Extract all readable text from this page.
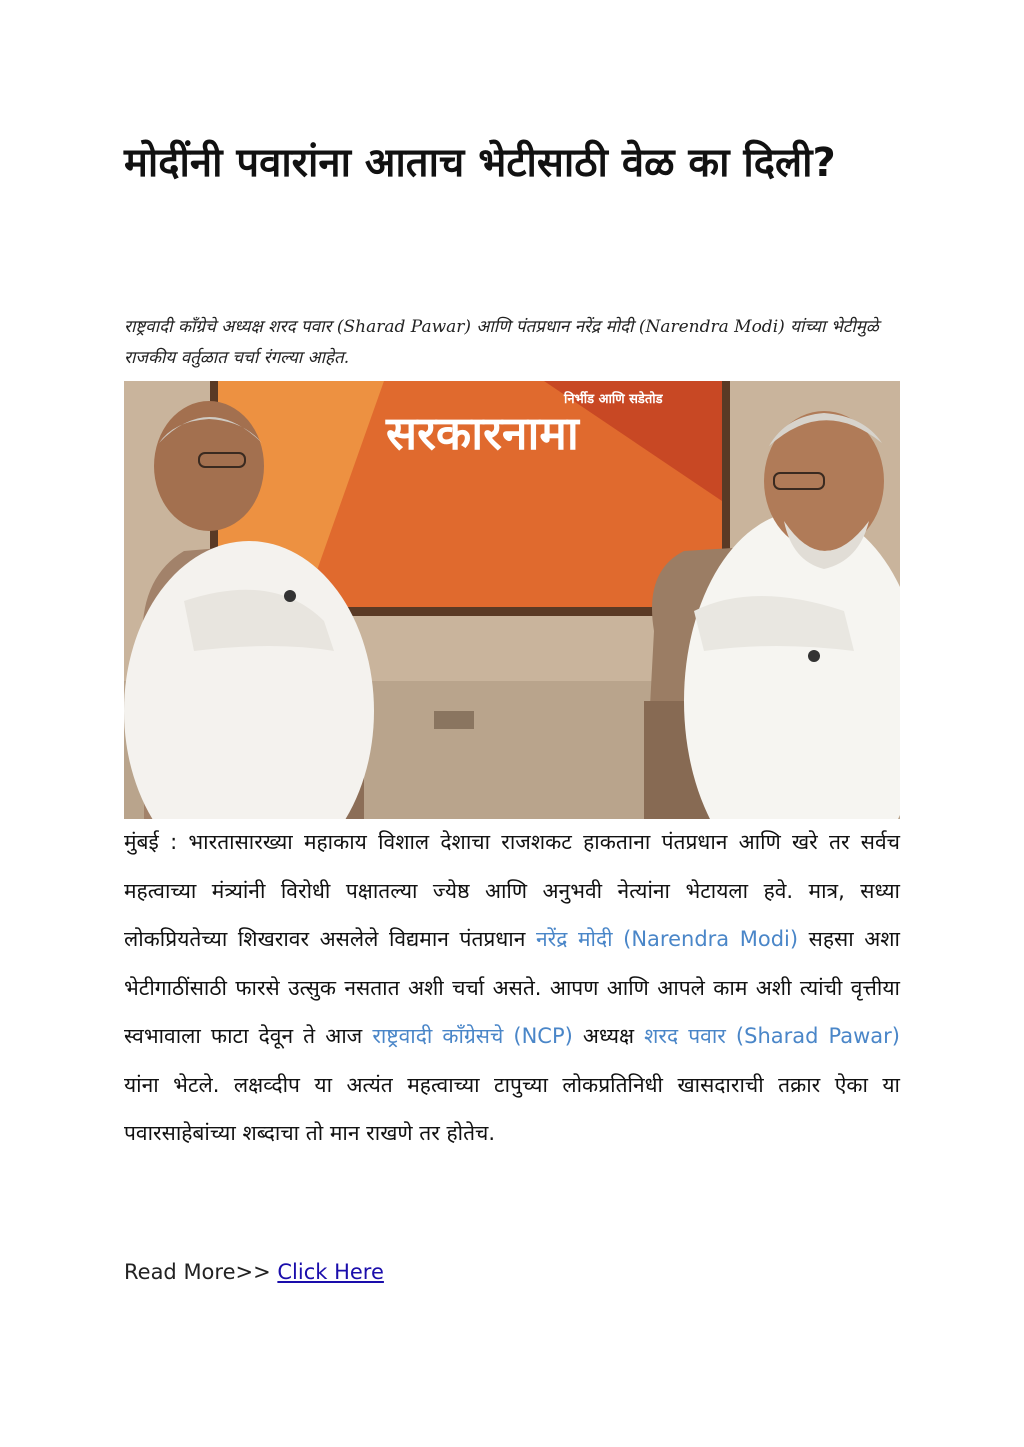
मोदींनी पवारांना आताच भेटीसाठी वेळ का दिली?
राष्ट्रवादी काँग्रेचे अध्यक्ष शरद पवार (Sharad Pawar) आणि पंतप्रधान नरेंद्र मोदी (Narendra Modi) यांच्या भेटीमुळे राजकीय वर्तुळात चर्चा रंगल्या आहेत.
निर्भीड आणि सडेतोड
सरकारनामा

मुंबई : भारतासारख्या महाकाय विशाल देशाचा राजशकट हाकताना पंतप्रधान आणि खरे तर सर्वच महत्वाच्या मंत्र्यांनी विरोधी पक्षातल्या ज्येष्ठ आणि अनुभवी नेत्यांना भेटायला हवे. मात्र, सध्या लोकप्रियतेच्या शिखरावर असलेले विद्यमान पंतप्रधान नरेंद्र मोदी (Narendra Modi) सहसा अशा भेटीगाठींसाठी फारसे उत्सुक नसतात अशी चर्चा असते. आपण आणि आपले काम अशी त्यांची वृत्तीया स्वभावाला फाटा देवून ते आज राष्ट्रवादी कॉंग्रेसचे (NCP) अध्यक्ष शरद पवार (Sharad Pawar) यांना भेटले. लक्षव्दीप या अत्यंत महत्वाच्या टापुच्या लोकप्रतिनिधी खासदाराची तक्रार ऐका या पवारसाहेबांच्या शब्दाचा तो मान राखणे तर होतेच.

Read More>> Click Here
